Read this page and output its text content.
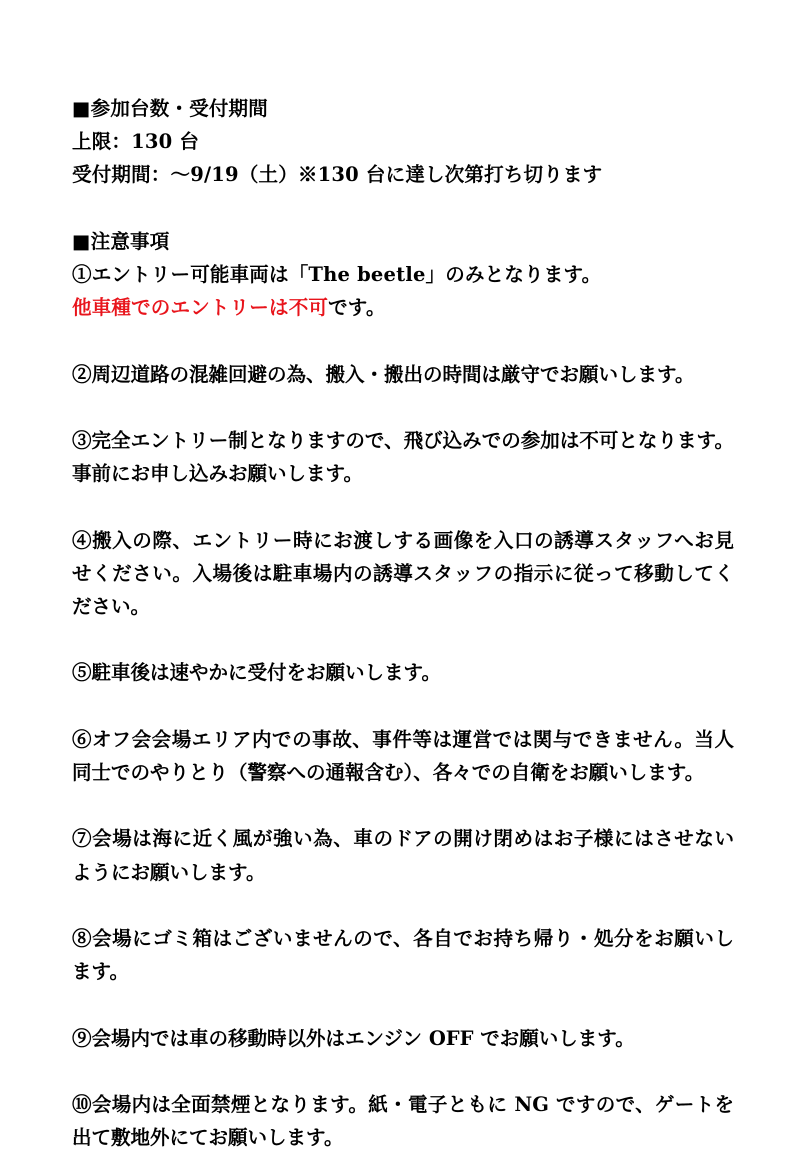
■参加台数・受付期間
上限：130 台
受付期間：～9/19（土）※130 台に達し次第打ち切ります
■注意事項
①エントリー可能車両は「The beetle」のみとなります。
他車種でのエントリーは不可です。
②周辺道路の混雑回避の為、搬入・搬出の時間は厳守でお願いします。
③完全エントリー制となりますので、飛び込みでの参加は不可となります。事前にお申し込みお願いします。
④搬入の際、エントリー時にお渡しする画像を入口の誘導スタッフへお見せください。入場後は駐車場内の誘導スタッフの指示に従って移動してください。
⑤駐車後は速やかに受付をお願いします。
⑥オフ会会場エリア内での事故、事件等は運営では関与できません。当人同士でのやりとり（警察への通報含む）、各々での自衛をお願いします。
⑦会場は海に近く風が強い為、車のドアの開け閉めはお子様にはさせないようにお願いします。
⑧会場にゴミ箱はございませんので、各自でお持ち帰り・処分をお願いします。
⑨会場内では車の移動時以外はエンジン OFF でお願いします。
⑩会場内は全面禁煙となります。紙・電子ともに NG ですので、ゲートを出て敷地外にてお願いします。
